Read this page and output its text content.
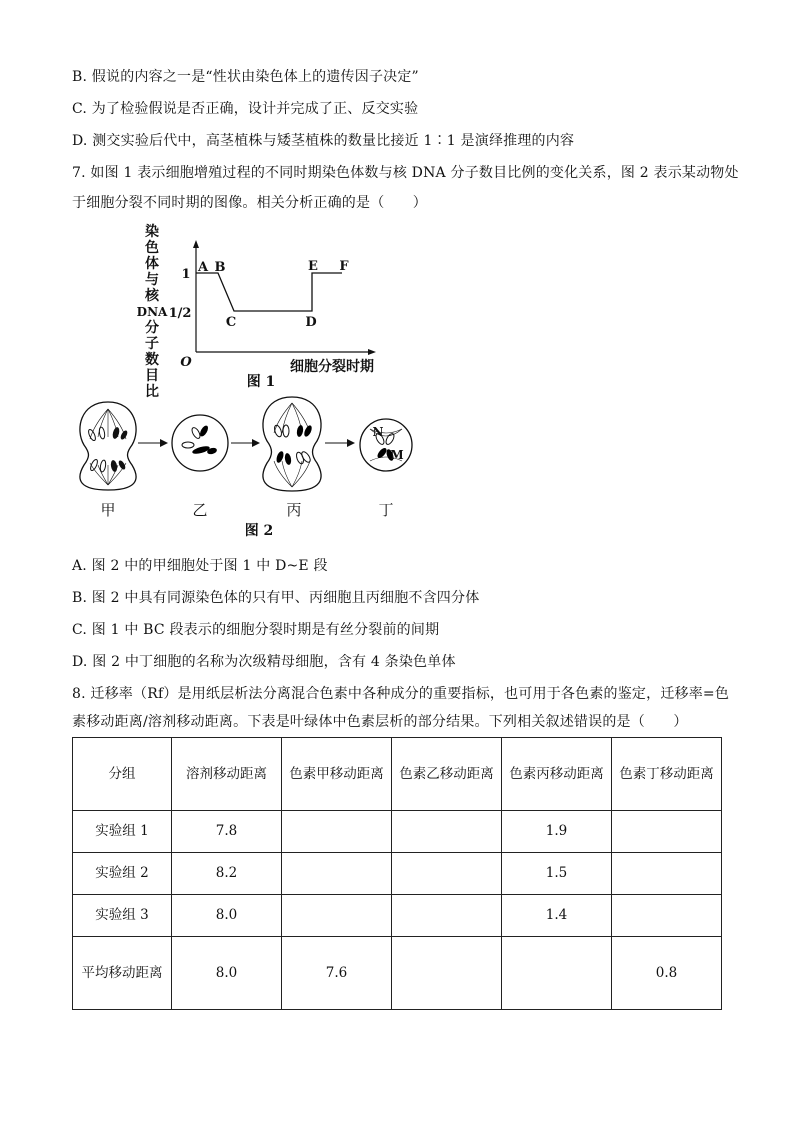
B. 假说的内容之一是“性状由染色体上的遗传因子决定”
C. 为了检验假说是否正确，设计并完成了正、反交实验
D. 测交实验后代中，高茎植株与矮茎植株的数量比接近 1∶1 是演绎推理的内容
7. 如图 1 表示细胞增殖过程的不同时期染色体数与核 DNA 分子数目比例的变化关系，图 2 表示某动物处
于细胞分裂不同时期的图像。相关分析正确的是（　　）
染
色
体
与
核
DNA
分
子
数
目
比
1
1/2
O
A B
C	D
E F
细胞分裂时期
图 1
N
M
甲	乙	丙	丁
图 2
A. 图 2 中的甲细胞处于图 1 中 D~E 段
B. 图 2 中具有同源染色体的只有甲、丙细胞且丙细胞不含四分体
C. 图 1 中 BC 段表示的细胞分裂时期是有丝分裂前的间期
D. 图 2 中丁细胞的名称为次级精母细胞，含有 4 条染色单体
8. 迁移率（Rf）是用纸层析法分离混合色素中各种成分的重要指标，也可用于各色素的鉴定，迁移率=色
素移动距离/溶剂移动距离。下表是叶绿体中色素层析的部分结果。下列相关叙述错误的是（　　）
分组	溶剂移动距离	色素甲移动距离	色素乙移动距离	色素丙移动距离	色素丁移动距离
实验组 1	7.8			1.9	
实验组 2	8.2			1.5	
实验组 3	8.0			1.4	
平均移动距离	8.0	7.6			0.8
